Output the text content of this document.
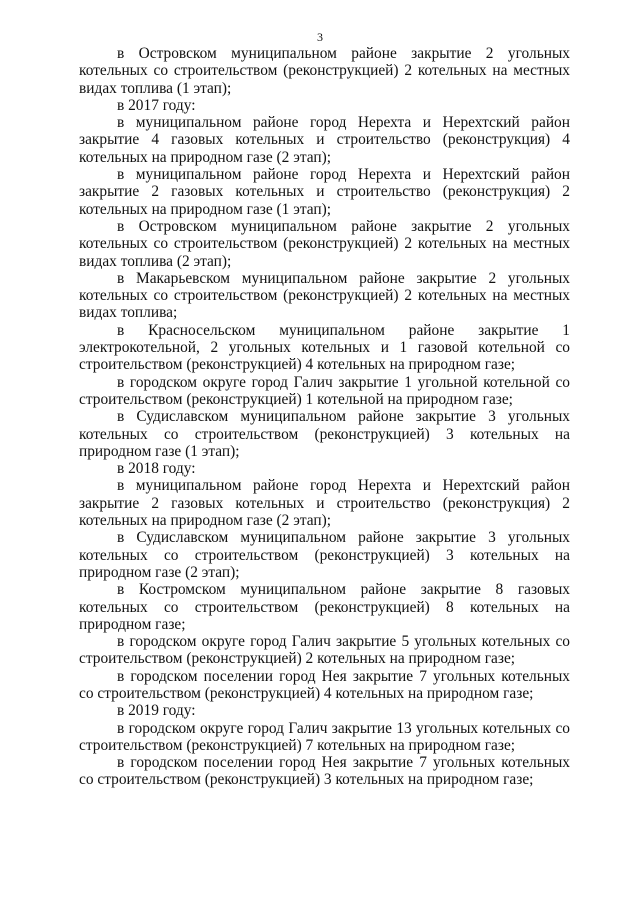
3

в Островском муниципальном районе закрытие 2 угольных котельных со строительством (реконструкцией) 2 котельных на местных видах топлива (1 этап);

в 2017 году:

в муниципальном районе город Нерехта и Нерехтский район закрытие 4 газовых котельных и строительство (реконструкция) 4 котельных на природном газе (2 этап);

в муниципальном районе город Нерехта и Нерехтский район закрытие 2 газовых котельных и строительство (реконструкция) 2 котельных на природном газе (1 этап);

в Островском муниципальном районе закрытие 2 угольных котельных со строительством (реконструкцией) 2 котельных на местных видах топлива (2 этап);

в Макарьевском муниципальном районе закрытие 2 угольных котельных со строительством (реконструкцией) 2 котельных на местных видах топлива;

в Красносельском муниципальном районе закрытие 1 электрокотельной, 2 угольных котельных и 1 газовой котельной со строительством (реконструкцией) 4 котельных на природном газе;

в городском округе город Галич закрытие 1 угольной котельной со строительством (реконструкцией) 1 котельной на природном газе;

в Судиславском муниципальном районе закрытие 3 угольных котельных со строительством (реконструкцией) 3 котельных на природном газе (1 этап);

в 2018 году:

в муниципальном районе город Нерехта и Нерехтский район закрытие 2 газовых котельных и строительство (реконструкция) 2 котельных на природном газе (2 этап);

в Судиславском муниципальном районе закрытие 3 угольных котельных со строительством (реконструкцией) 3 котельных на природном газе (2 этап);

в Костромском муниципальном районе закрытие 8 газовых котельных со строительством (реконструкцией) 8 котельных на природном газе;

в городском округе город Галич закрытие 5 угольных котельных со строительством (реконструкцией) 2 котельных на природном газе;

в городском поселении город Нея закрытие 7 угольных котельных со строительством (реконструкцией) 4 котельных на природном газе;

в 2019 году:

в городском округе город Галич закрытие 13 угольных котельных со строительством (реконструкцией) 7 котельных на природном газе;

в городском поселении город Нея закрытие 7 угольных котельных со строительством (реконструкцией) 3 котельных на природном газе;
